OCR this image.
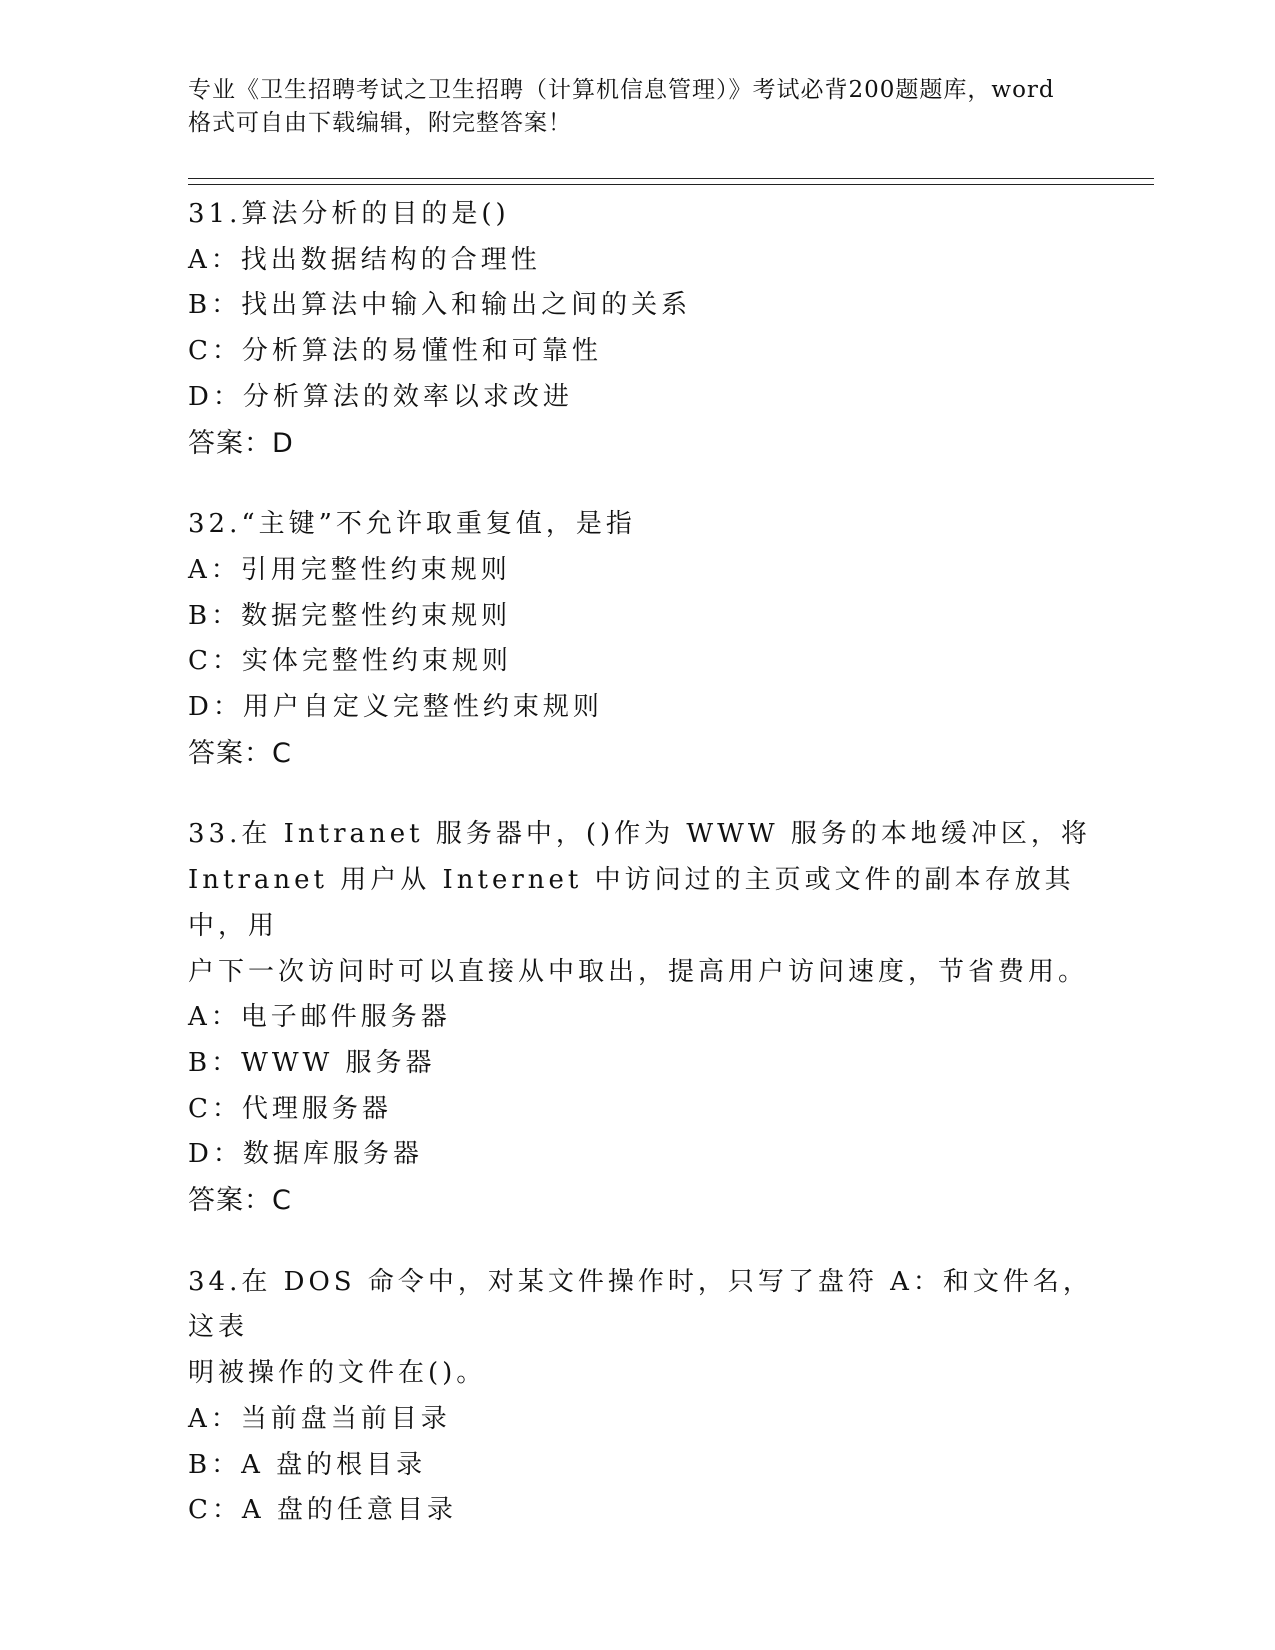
专业《卫生招聘考试之卫生招聘（计算机信息管理）》考试必背200题题库，word
格式可自由下载编辑，附完整答案！
31.算法分析的目的是()
A：找出数据结构的合理性
B：找出算法中输入和输出之间的关系
C：分析算法的易懂性和可靠性
D：分析算法的效率以求改进
答案：D
32.“主键”不允许取重复值，是指
A：引用完整性约束规则
B：数据完整性约束规则
C：实体完整性约束规则
D：用户自定义完整性约束规则
答案：C
33.在 Intranet 服务器中，()作为 WWW 服务的本地缓冲区，将
Intranet 用户从 Internet 中访问过的主页或文件的副本存放其中，用
户下一次访问时可以直接从中取出，提高用户访问速度，节省费用。
A：电子邮件服务器
B：WWW 服务器
C：代理服务器
D：数据库服务器
答案：C
34.在 DOS 命令中，对某文件操作时，只写了盘符 A：和文件名，这表
明被操作的文件在()。
A：当前盘当前目录
B：A 盘的根目录
C：A 盘的任意目录
